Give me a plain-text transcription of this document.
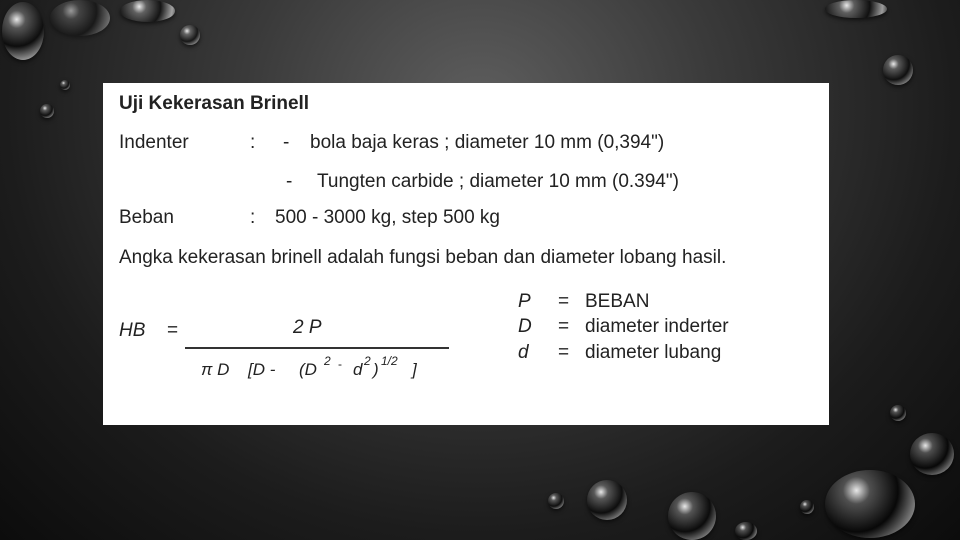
Uji Kekerasan Brinell
Indenter	: - bola baja keras ; diameter 10 mm (0,394")
- Tungten carbide ; diameter 10 mm (0.394")
Beban	: 500 - 3000 kg, step 500 kg
Angka kekerasan brinell adalah fungsi beban dan diameter lobang hasil.
HB =	2 P
π D [D - (D 2 - d 2 ) 1/2 ]
P = BEBAN
D = diameter inderter
d = diameter lubang
